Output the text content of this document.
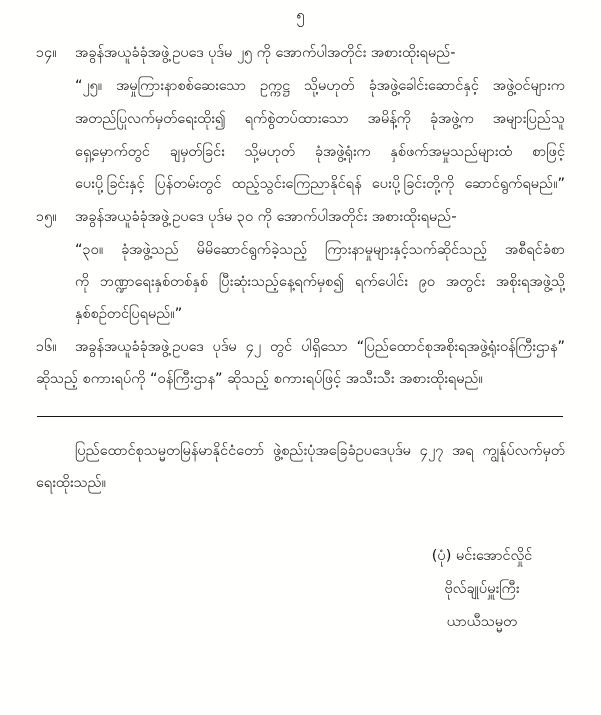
၅
၁၄။ အခွန်အယူခံခုံအဖွဲ့ဥပဒေ ပုဒ်မ ၂၅ ကို အောက်ပါအတိုင်း အစားထိုးရမည်-
“၂၅။ အမှုကြားနာစစ်ဆေးသော ဥက္ကဋ္ဌ သို့မဟုတ် ခုံအဖွဲ့ခေါင်းဆောင်နှင့် အဖွဲ့ဝင်များက
အတည်ပြုလက်မှတ်ရေးထိုး၍ ရက်စွဲတပ်ထားသော အမိန့်ကို ခုံအဖွဲ့က အများပြည်သူ
ရှေ့မှောက်တွင် ချမှတ်ခြင်း သို့မဟုတ် ခုံအဖွဲ့ရုံးက နှစ်ဖက်အမှုသည်များထံ စာဖြင့်
ပေးပို့ခြင်းနှင့် ပြန်တမ်းတွင် ထည့်သွင်းကြေညာနိုင်ရန် ပေးပို့ခြင်းတို့ကို ဆောင်ရွက်ရမည်။”
၁၅။ အခွန်အယူခံခုံအဖွဲ့ဥပဒေ ပုဒ်မ ၃၀ ကို အောက်ပါအတိုင်း အစားထိုးရမည်-
“၃၀။ ခုံအဖွဲ့သည် မိမိဆောင်ရွက်ခဲ့သည့် ကြားနာမှုများနှင့်သက်ဆိုင်သည့် အစီရင်ခံစာ
ကို ဘဏ္ဍာရေးနှစ်တစ်နှစ် ပြီးဆုံးသည့်နေ့ရက်မှစ၍ ရက်ပေါင်း ၉၀ အတွင်း အစိုးရအဖွဲ့သို့
နှစ်စဉ်တင်ပြရမည်။”
၁၆။ အခွန်အယူခံခုံအဖွဲ့ဥပဒေ ပုဒ်မ ၄၂ တွင် ပါရှိသော “ပြည်ထောင်စုအစိုးရအဖွဲ့ရုံးဝန်ကြီးဌာန”
ဆိုသည့် စကားရပ်ကို “ဝန်ကြီးဌာန” ဆိုသည့် စကားရပ်ဖြင့် အသီးသီး အစားထိုးရမည်။
ပြည်ထောင်စုသမ္မတမြန်မာနိုင်ငံတော် ဖွဲ့စည်းပုံအခြေခံဥပဒေပုဒ်မ ၄၂၇ အရ ကျွန်ုပ်လက်မှတ်
ရေးထိုးသည်။
(ပုံ) မင်းအောင်လှိုင်
ဗိုလ်ချုပ်မှူးကြီး
ယာယီသမ္မတ
